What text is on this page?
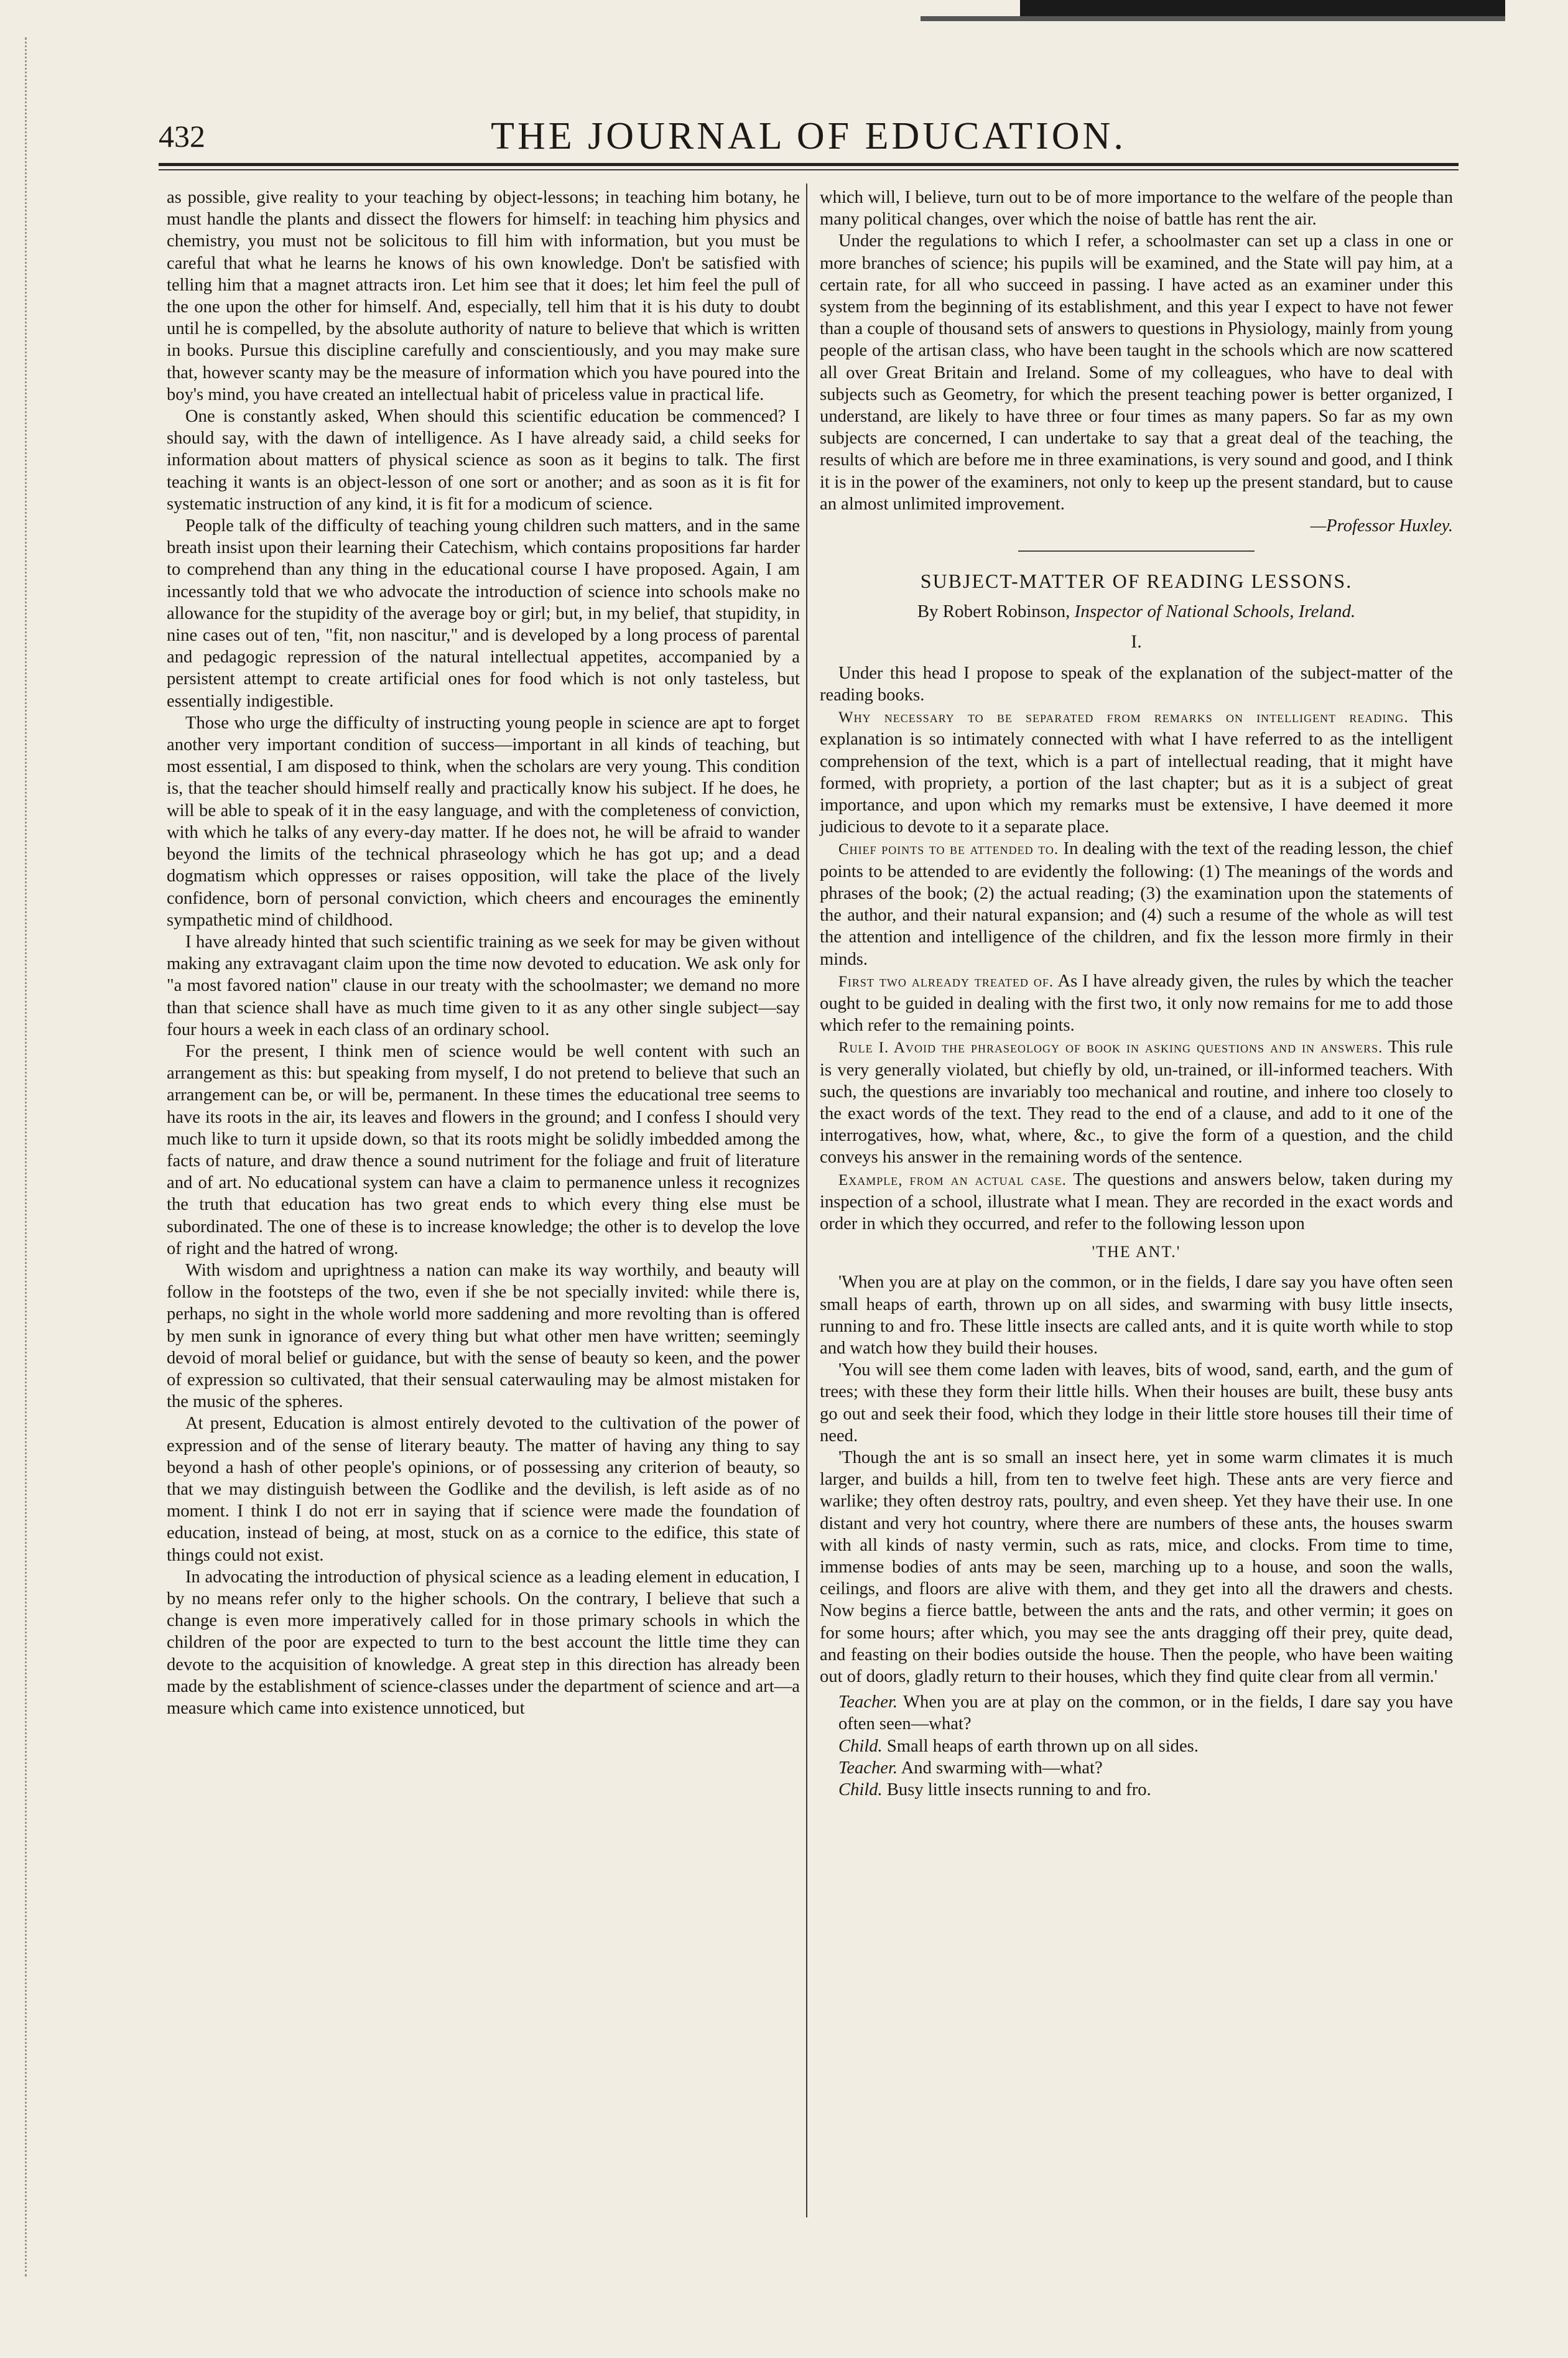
432	THE JOURNAL OF EDUCATION.

as possible, give reality to your teaching by object-lessons; in teaching him botany, he must handle the plants and dissect the flowers for himself: in teaching him physics and chemistry, you must not be solicitous to fill him with information, but you must be careful that what he learns he knows of his own knowledge. Don't be satisfied with telling him that a magnet attracts iron. Let him see that it does; let him feel the pull of the one upon the other for himself. And, especially, tell him that it is his duty to doubt until he is compelled, by the absolute authority of nature to believe that which is written in books. Pursue this discipline carefully and conscientiously, and you may make sure that, however scanty may be the measure of information which you have poured into the boy's mind, you have created an intellectual habit of priceless value in practical life.

One is constantly asked, When should this scientific education be commenced? I should say, with the dawn of intelligence. As I have already said, a child seeks for information about matters of physical science as soon as it begins to talk. The first teaching it wants is an object-lesson of one sort or another; and as soon as it is fit for systematic instruction of any kind, it is fit for a modicum of science.

People talk of the difficulty of teaching young children such matters, and in the same breath insist upon their learning their Catechism, which contains propositions far harder to comprehend than any thing in the educational course I have proposed. Again, I am incessantly told that we who advocate the introduction of science into schools make no allowance for the stupidity of the average boy or girl; but, in my belief, that stupidity, in nine cases out of ten, "fit, non nascitur," and is developed by a long process of parental and pedagogic repression of the natural intellectual appetites, accompanied by a persistent attempt to create artificial ones for food which is not only tasteless, but essentially indigestible.

Those who urge the difficulty of instructing young people in science are apt to forget another very important condition of success—important in all kinds of teaching, but most essential, I am disposed to think, when the scholars are very young. This condition is, that the teacher should himself really and practically know his subject. If he does, he will be able to speak of it in the easy language, and with the completeness of conviction, with which he talks of any every-day matter. If he does not, he will be afraid to wander beyond the limits of the technical phraseology which he has got up; and a dead dogmatism which oppresses or raises opposition, will take the place of the lively confidence, born of personal conviction, which cheers and encourages the eminently sympathetic mind of childhood.

I have already hinted that such scientific training as we seek for may be given without making any extravagant claim upon the time now devoted to education. We ask only for "a most favored nation" clause in our treaty with the schoolmaster; we demand no more than that science shall have as much time given to it as any other single subject—say four hours a week in each class of an ordinary school.

For the present, I think men of science would be well content with such an arrangement as this: but speaking from myself, I do not pretend to believe that such an arrangement can be, or will be, permanent. In these times the educational tree seems to have its roots in the air, its leaves and flowers in the ground; and I confess I should very much like to turn it upside down, so that its roots might be solidly imbedded among the facts of nature, and draw thence a sound nutriment for the foliage and fruit of literature and of art. No educational system can have a claim to permanence unless it recognizes the truth that education has two great ends to which every thing else must be subordinated. The one of these is to increase knowledge; the other is to develop the love of right and the hatred of wrong.

With wisdom and uprightness a nation can make its way worthily, and beauty will follow in the footsteps of the two, even if she be not specially invited: while there is, perhaps, no sight in the whole world more saddening and more revolting than is offered by men sunk in ignorance of every thing but what other men have written; seemingly devoid of moral belief or guidance, but with the sense of beauty so keen, and the power of expression so cultivated, that their sensual caterwauling may be almost mistaken for the music of the spheres.

At present, Education is almost entirely devoted to the cultivation of the power of expression and of the sense of literary beauty. The matter of having any thing to say beyond a hash of other people's opinions, or of possessing any criterion of beauty, so that we may distinguish between the Godlike and the devilish, is left aside as of no moment. I think I do not err in saying that if science were made the foundation of education, instead of being, at most, stuck on as a cornice to the edifice, this state of things could not exist.

In advocating the introduction of physical science as a leading element in education, I by no means refer only to the higher schools. On the contrary, I believe that such a change is even more imperatively called for in those primary schools in which the children of the poor are expected to turn to the best account the little time they can devote to the acquisition of knowledge. A great step in this direction has already been made by the establishment of science-classes under the department of science and art—a measure which came into existence unnoticed, but

which will, I believe, turn out to be of more importance to the welfare of the people than many political changes, over which the noise of battle has rent the air.

Under the regulations to which I refer, a schoolmaster can set up a class in one or more branches of science; his pupils will be examined, and the State will pay him, at a certain rate, for all who succeed in passing. I have acted as an examiner under this system from the beginning of its establishment, and this year I expect to have not fewer than a couple of thousand sets of answers to questions in Physiology, mainly from young people of the artisan class, who have been taught in the schools which are now scattered all over Great Britain and Ireland. Some of my colleagues, who have to deal with subjects such as Geometry, for which the present teaching power is better organized, I understand, are likely to have three or four times as many papers. So far as my own subjects are concerned, I can undertake to say that a great deal of the teaching, the results of which are before me in three examinations, is very sound and good, and I think it is in the power of the examiners, not only to keep up the present standard, but to cause an almost unlimited improvement.

—Professor Huxley.

SUBJECT-MATTER OF READING LESSONS.
By Robert Robinson, Inspector of National Schools, Ireland.
I.

Under this head I propose to speak of the explanation of the subject-matter of the reading books.

Why necessary to be separated from remarks on intelligent reading. This explanation is so intimately connected with what I have referred to as the intelligent comprehension of the text, which is a part of intellectual reading, that it might have formed, with propriety, a portion of the last chapter; but as it is a subject of great importance, and upon which my remarks must be extensive, I have deemed it more judicious to devote to it a separate place.

Chief points to be attended to. In dealing with the text of the reading lesson, the chief points to be attended to are evidently the following: (1) The meanings of the words and phrases of the book; (2) the actual reading; (3) the examination upon the statements of the author, and their natural expansion; and (4) such a resume of the whole as will test the attention and intelligence of the children, and fix the lesson more firmly in their minds.

First two already treated of. As I have already given, the rules by which the teacher ought to be guided in dealing with the first two, it only now remains for me to add those which refer to the remaining points.

Rule I. Avoid the phraseology of book in asking questions and in answers. This rule is very generally violated, but chiefly by old, un-trained, or ill-informed teachers. With such, the questions are invariably too mechanical and routine, and inhere too closely to the exact words of the text. They read to the end of a clause, and add to it one of the interrogatives, how, what, where, &c., to give the form of a question, and the child conveys his answer in the remaining words of the sentence.

Example, from an actual case. The questions and answers below, taken during my inspection of a school, illustrate what I mean. They are recorded in the exact words and order in which they occurred, and refer to the following lesson upon

'THE ANT.'

'When you are at play on the common, or in the fields, I dare say you have often seen small heaps of earth, thrown up on all sides, and swarming with busy little insects, running to and fro. These little insects are called ants, and it is quite worth while to stop and watch how they build their houses.

'You will see them come laden with leaves, bits of wood, sand, earth, and the gum of trees; with these they form their little hills. When their houses are built, these busy ants go out and seek their food, which they lodge in their little store houses till their time of need.

'Though the ant is so small an insect here, yet in some warm climates it is much larger, and builds a hill, from ten to twelve feet high. These ants are very fierce and warlike; they often destroy rats, poultry, and even sheep. Yet they have their use. In one distant and very hot country, where there are numbers of these ants, the houses swarm with all kinds of nasty vermin, such as rats, mice, and clocks. From time to time, immense bodies of ants may be seen, marching up to a house, and soon the walls, ceilings, and floors are alive with them, and they get into all the drawers and chests. Now begins a fierce battle, between the ants and the rats, and other vermin; it goes on for some hours; after which, you may see the ants dragging off their prey, quite dead, and feasting on their bodies outside the house. Then the people, who have been waiting out of doors, gladly return to their houses, which they find quite clear from all vermin.'

Teacher. When you are at play on the common, or in the fields, I dare say you have often seen—what?

Child. Small heaps of earth thrown up on all sides.

Teacher. And swarming with—what?

Child. Busy little insects running to and fro.
